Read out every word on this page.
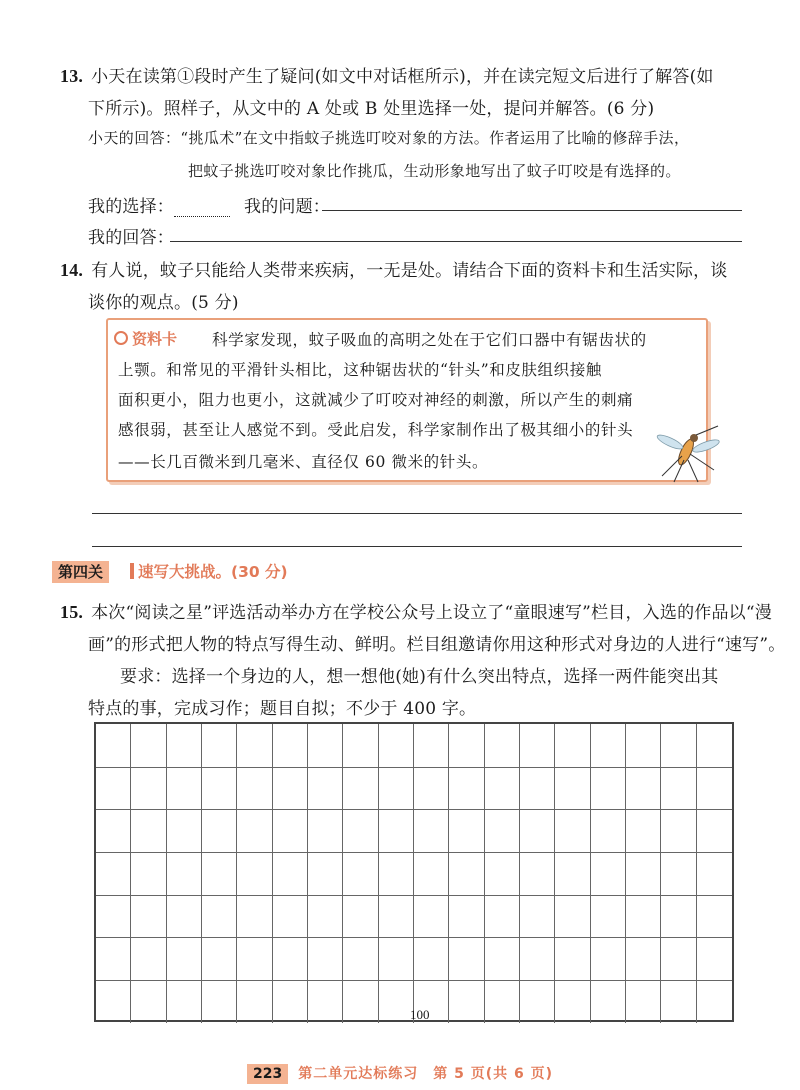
13. 小天在读第①段时产生了疑问(如文中对话框所示)，并在读完短文后进行了解答(如
下所示)。照样子，从文中的 A 处或 B 处里选择一处，提问并解答。(6 分)
小天的回答：“挑瓜术”在文中指蚊子挑选叮咬对象的方法。作者运用了比喻的修辞手法，
把蚊子挑选叮咬对象比作挑瓜，生动形象地写出了蚊子叮咬是有选择的。
我的选择：	我的问题：
我的回答：
14. 有人说，蚊子只能给人类带来疾病，一无是处。请结合下面的资料卡和生活实际，谈
谈你的观点。(5 分)
资料卡 科学家发现，蚊子吸血的高明之处在于它们口器中有锯齿状的
上颚。和常见的平滑针头相比，这种锯齿状的“针头”和皮肤组织接触
面积更小，阻力也更小，这就减少了叮咬对神经的刺激，所以产生的刺痛
感很弱，甚至让人感觉不到。受此启发，科学家制作出了极其细小的针头
——长几百微米到几毫米、直径仅 60 微米的针头。
第四关	速写大挑战。(30 分)
15. 本次“阅读之星”评选活动举办方在学校公众号上设立了“童眼速写”栏目，入选的作品以“漫
画”的形式把人物的特点写得生动、鲜明。栏目组邀请你用这种形式对身边的人进行“速写”。
要求：选择一个身边的人，想一想他(她)有什么突出特点，选择一两件能突出其
特点的事，完成习作；题目自拟；不少于 400 字。
100
223 第二单元达标练习　第 5 页(共 6 页)
